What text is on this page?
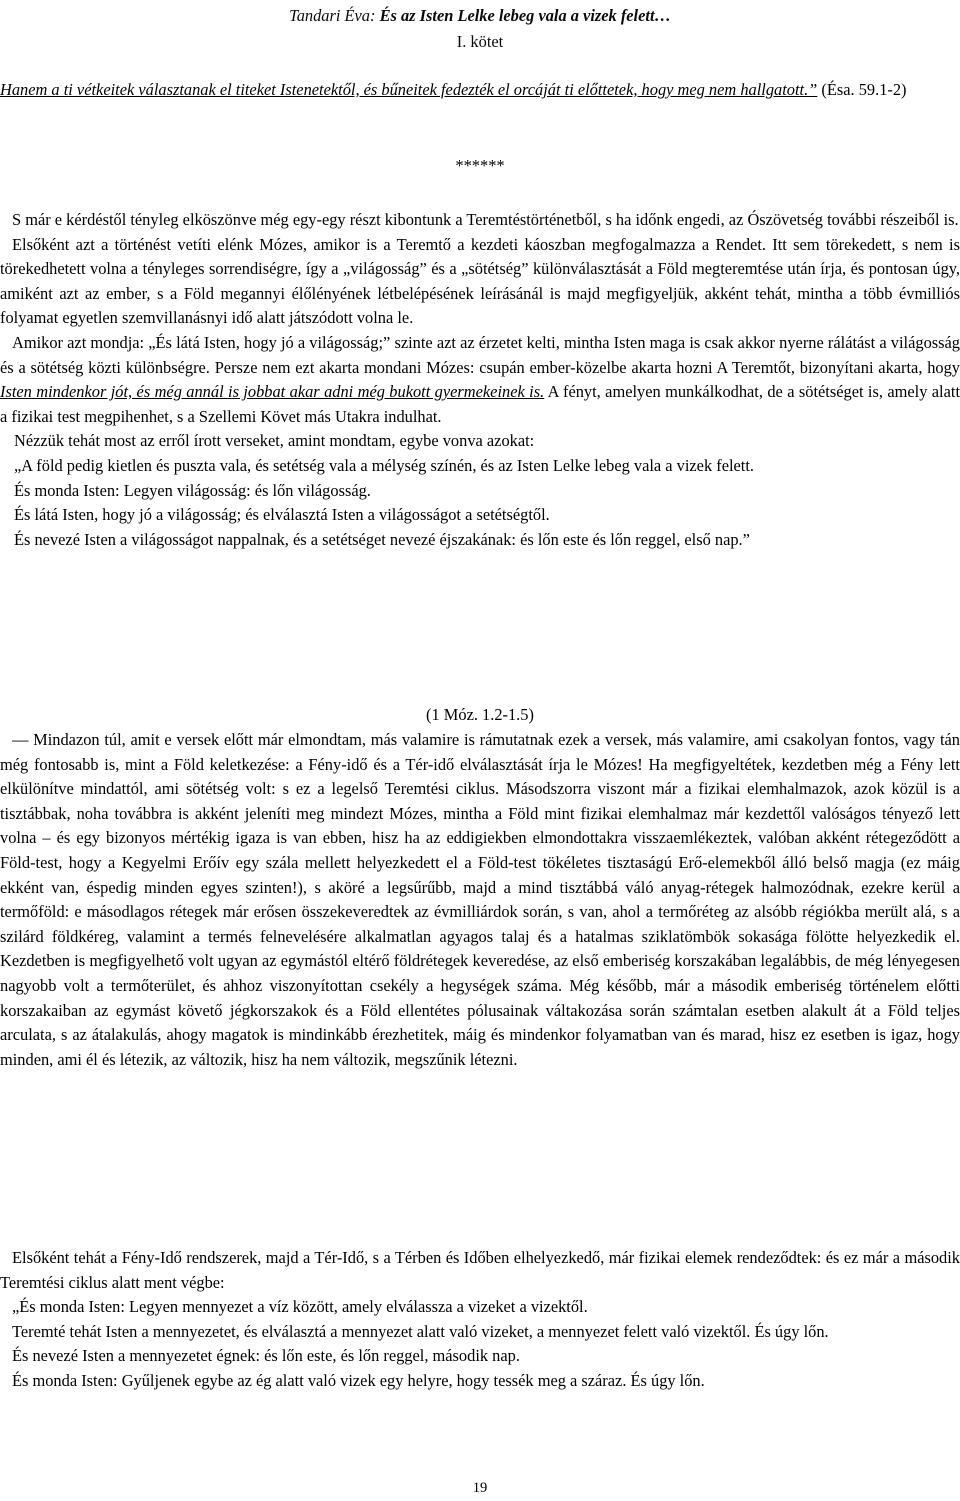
Tandari Éva: És az Isten Lelke lebeg vala a vizek felett…
I. kötet

Hanem a ti vétkeitek választanak el titeket Istenetektől, és bűneitek fedezték el orcáját ti előttetek, hogy meg nem hallgatott.” (Ésa. 59.1-2)

******

S már e kérdéstől tényleg elköszönve még egy-egy részt kibontunk a Teremtéstörténetből, s ha időnk engedi, az Ószövetség további részeiből is.

Elsőként azt a történést vetíti elénk Mózes, amikor is a Teremtő a kezdeti káoszban megfogalmazza a Rendet. Itt sem törekedett, s nem is törekedhetett volna a tényleges sorrendiségre, így a „világosság” és a „sötétség” különválasztását a Föld megteremtése után írja, és pontosan úgy, amiként azt az ember, s a Föld megannyi élőlényének létbelépésének leírásánál is majd megfigyeljük, akként tehát, mintha a több évmilliós folyamat egyetlen szemvillanásnyi idő alatt játszódott volna le.

Amikor azt mondja: „És látá Isten, hogy jó a világosság;” szinte azt az érzetet kelti, mintha Isten maga is csak akkor nyerne rálátást a világosság és a sötétség közti különbségre. Persze nem ezt akarta mondani Mózes: csupán ember-közelbe akarta hozni A Teremtőt, bizonyítani akarta, hogy Isten mindenkor jót, és még annál is jobbat akar adni még bukott gyermekeinek is. A fényt, amelyen munkálkodhat, de a sötétséget is, amely alatt a fizikai test megpihenhet, s a Szellemi Követ más Utakra indulhat.

Nézzük tehát most az erről írott verseket, amint mondtam, egybe vonva azokat:

„A föld pedig kietlen és puszta vala, és setétség vala a mélység színén, és az Isten Lelke lebeg vala a vizek felett.

És monda Isten: Legyen világosság: és lőn világosság.

És látá Isten, hogy jó a világosság; és elválasztá Isten a világosságot a setétségtől.

És nevezé Isten a világosságot nappalnak, és a setétséget nevezé éjszakának: és lőn este és lőn reggel, első nap.”

(1 Móz. 1.2-1.5)

— Mindazon túl, amit e versek előtt már elmondtam, más valamire is rámutatnak ezek a versek, más valamire, ami csakolyan fontos, vagy tán még fontosabb is, mint a Föld keletkezése: a Fény-idő és a Tér-idő elválasztását írja le Mózes! Ha megfigyeltétek, kezdetben még a Fény lett elkülönítve mindattól, ami sötétség volt: s ez a legelső Teremtési ciklus. Másodszorra viszont már a fizikai elemhalmazok, azok közül is a tisztábbak, noha továbbra is akként jeleníti meg mindezt Mózes, mintha a Föld mint fizikai elemhalmaz már kezdettől valóságos tényező lett volna – és egy bizonyos mértékig igaza is van ebben, hisz ha az eddigiekben elmondottakra visszaemlékeztek, valóban akként rétegeződött a Föld-test, hogy a Kegyelmi Erőív egy szála mellett helyezkedett el a Föld-test tökéletes tisztaságú Erő-elemekből álló belső magja (ez máig ekként van, éspedig minden egyes szinten!), s aköré a legsűrűbb, majd a mind tisztábbá váló anyag-rétegek halmozódnak, ezekre kerül a termőföld: e másodlagos rétegek már erősen összekeveredtek az évmilliárdok során, s van, ahol a termőréteg az alsóbb régiókba merült alá, s a szilárd földkéreg, valamint a termés felnevelésére alkalmatlan agyagos talaj és a hatalmas sziklatömbök sokasága fölötte helyezkedik el. Kezdetben is megfigyelhető volt ugyan az egymástól eltérő földrétegek keveredése, az első emberiség korszakában legalábbis, de még lényegesen nagyobb volt a termőterület, és ahhoz viszonyítottan csekély a hegységek száma. Még később, már a második emberiség történelem előtti korszakaiban az egymást követő jégkorszakok és a Föld ellentétes pólusainak váltakozása során számtalan esetben alakult át a Föld teljes arculata, s az átalakulás, ahogy magatok is mindinkább érezhetitek, máig és mindenkor folyamatban van és marad, hisz ez esetben is igaz, hogy minden, ami él és létezik, az változik, hisz ha nem változik, megszűnik létezni.

Elsőként tehát a Fény-Idő rendszerek, majd a Tér-Idő, s a Térben és Időben elhelyezkedő, már fizikai elemek rendeződtek: és ez már a második Teremtési ciklus alatt ment végbe:

„És monda Isten: Legyen mennyezet a víz között, amely elválassza a vizeket a vizektől.

Teremté tehát Isten a mennyezetet, és elválasztá a mennyezet alatt való vizeket, a mennyezet felett való vizektől. És úgy lőn.

És nevezé Isten a mennyezetet égnek: és lőn este, és lőn reggel, második nap.

És monda Isten: Gyűljenek egybe az ég alatt való vizek egy helyre, hogy tessék meg a száraz. És úgy lőn.

19
